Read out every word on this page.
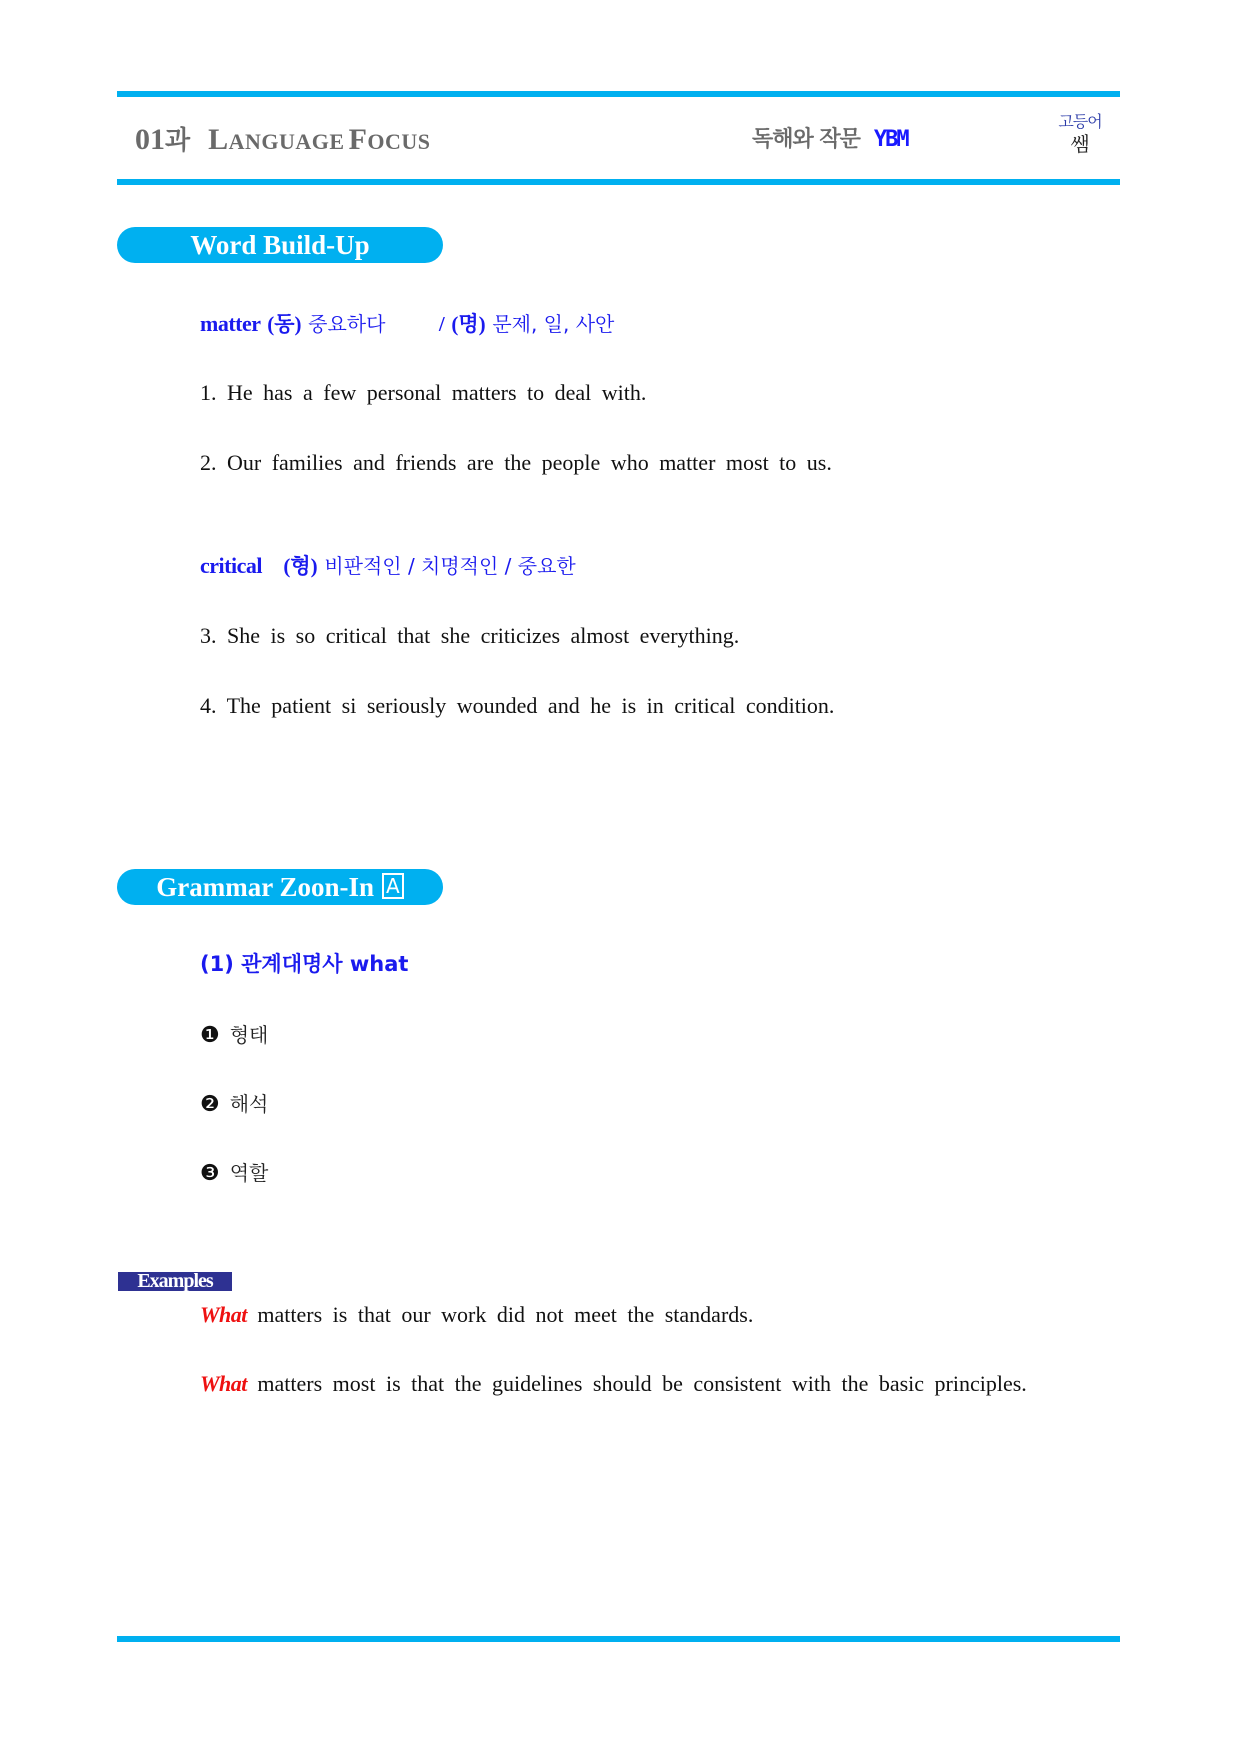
01과 LANGUAGE FOCUS	독해와 작문 YBM
고등어
쌤
Word Build-Up
matter (동) 중요하다	/ (명) 문제, 일, 사안
1. He has a few personal matters to deal with.
2. Our families and friends are the people who matter most to us.
critical (형) 비판적인 / 치명적인 / 중요한
3. She is so critical that she criticizes almost everything.
4. The patient si seriously wounded and he is in critical condition.
Grammar Zoon-In A
(1) 관계대명사 what
❶ 형태
❷ 해석
❸ 역할
Examples
What matters is that our work did not meet the standards.
What matters most is that the guidelines should be consistent with the basic principles.
